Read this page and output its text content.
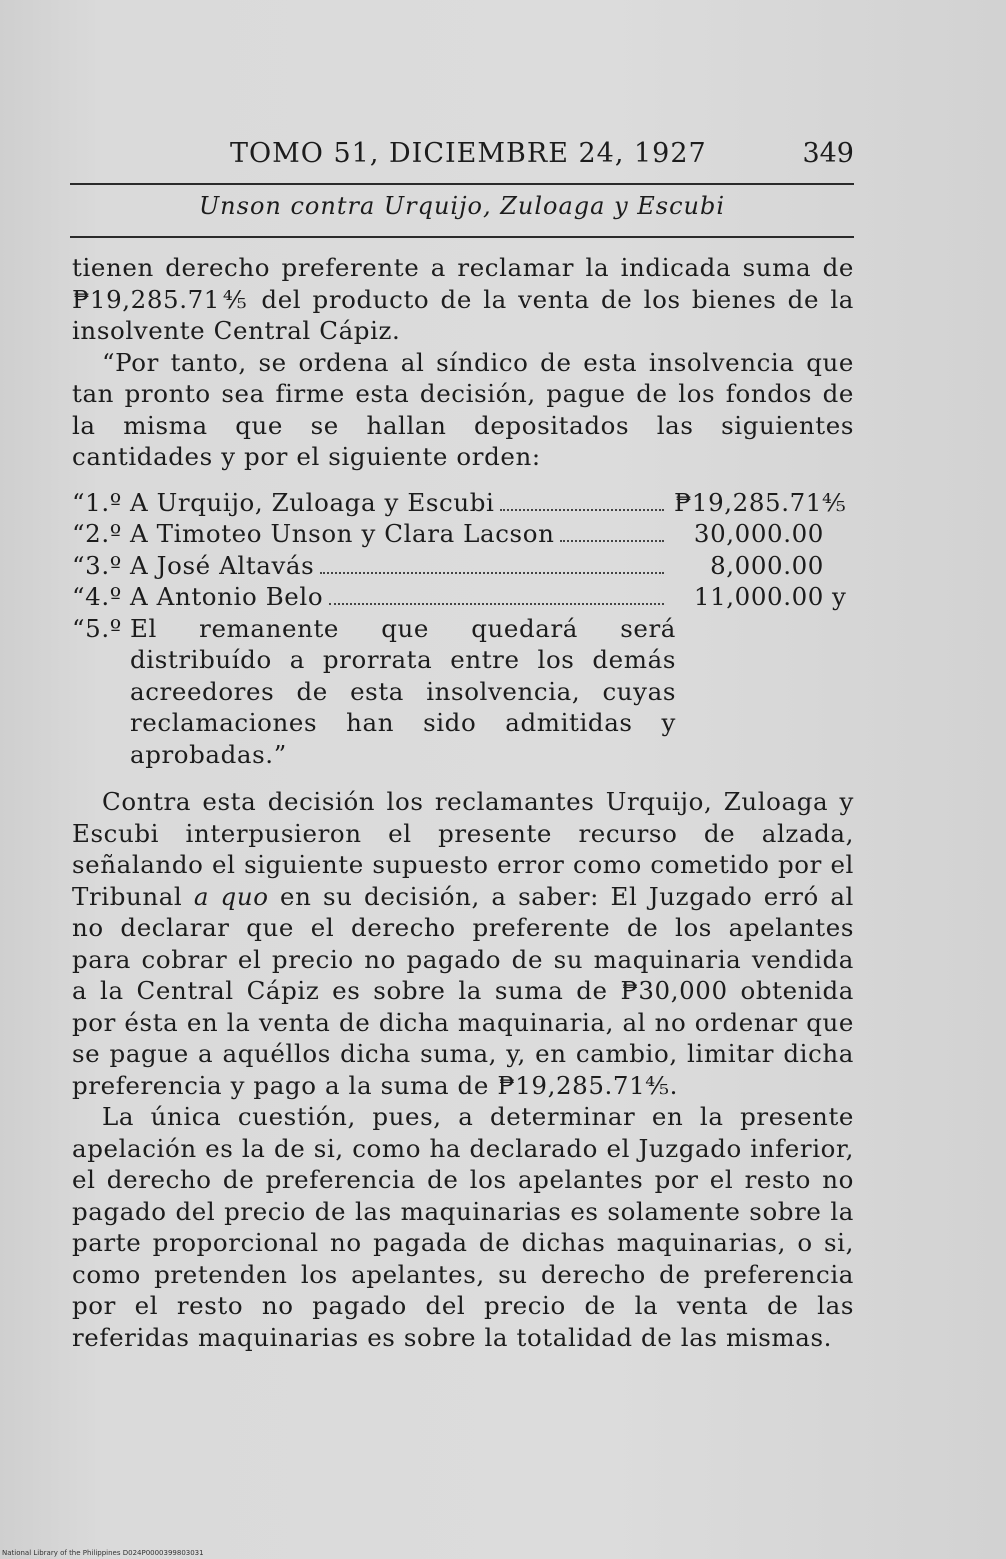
TOMO 51, DICIEMBRE 24, 1927	349
Unson contra Urquijo, Zuloaga y Escubi

tienen derecho preferente a reclamar la indicada suma de ₱19,285.71⅘ del producto de la venta de los bienes de la insolvente Central Cápiz.

“Por tanto, se ordena al síndico de esta insolvencia que tan pronto sea firme esta decisión, pague de los fondos de la misma que se hallan depositados las siguientes cantidades y por el siguiente orden:

“1.º A Urquijo, Zuloaga y Escubi	₱19,285.71⅘
“2.º A Timoteo Unson y Clara Lacson	30,000.00
“3.º A José Altavás	8,000.00
“4.º A Antonio Belo	11,000.00 y
“5.º El remanente que quedará será distribuído a prorrata entre los demás acreedores de esta insolvencia, cuyas reclamaciones han sido admitidas y aprobadas.”

Contra esta decisión los reclamantes Urquijo, Zuloaga y Escubi interpusieron el presente recurso de alzada, señalando el siguiente supuesto error como cometido por el Tribunal a quo en su decisión, a saber: El Juzgado erró al no declarar que el derecho preferente de los apelantes para cobrar el precio no pagado de su maquinaria vendida a la Central Cápiz es sobre la suma de ₱30,000 obtenida por ésta en la venta de dicha maquinaria, al no ordenar que se pague a aquéllos dicha suma, y, en cambio, limitar dicha preferencia y pago a la suma de ₱19,285.71⅘.

La única cuestión, pues, a determinar en la presente apelación es la de si, como ha declarado el Juzgado inferior, el derecho de preferencia de los apelantes por el resto no pagado del precio de las maquinarias es solamente sobre la parte proporcional no pagada de dichas maquinarias, o si, como pretenden los apelantes, su derecho de preferencia por el resto no pagado del precio de la venta de las referidas maquinarias es sobre la totalidad de las mismas.

National Library of the Philippines D024P0000399803031
